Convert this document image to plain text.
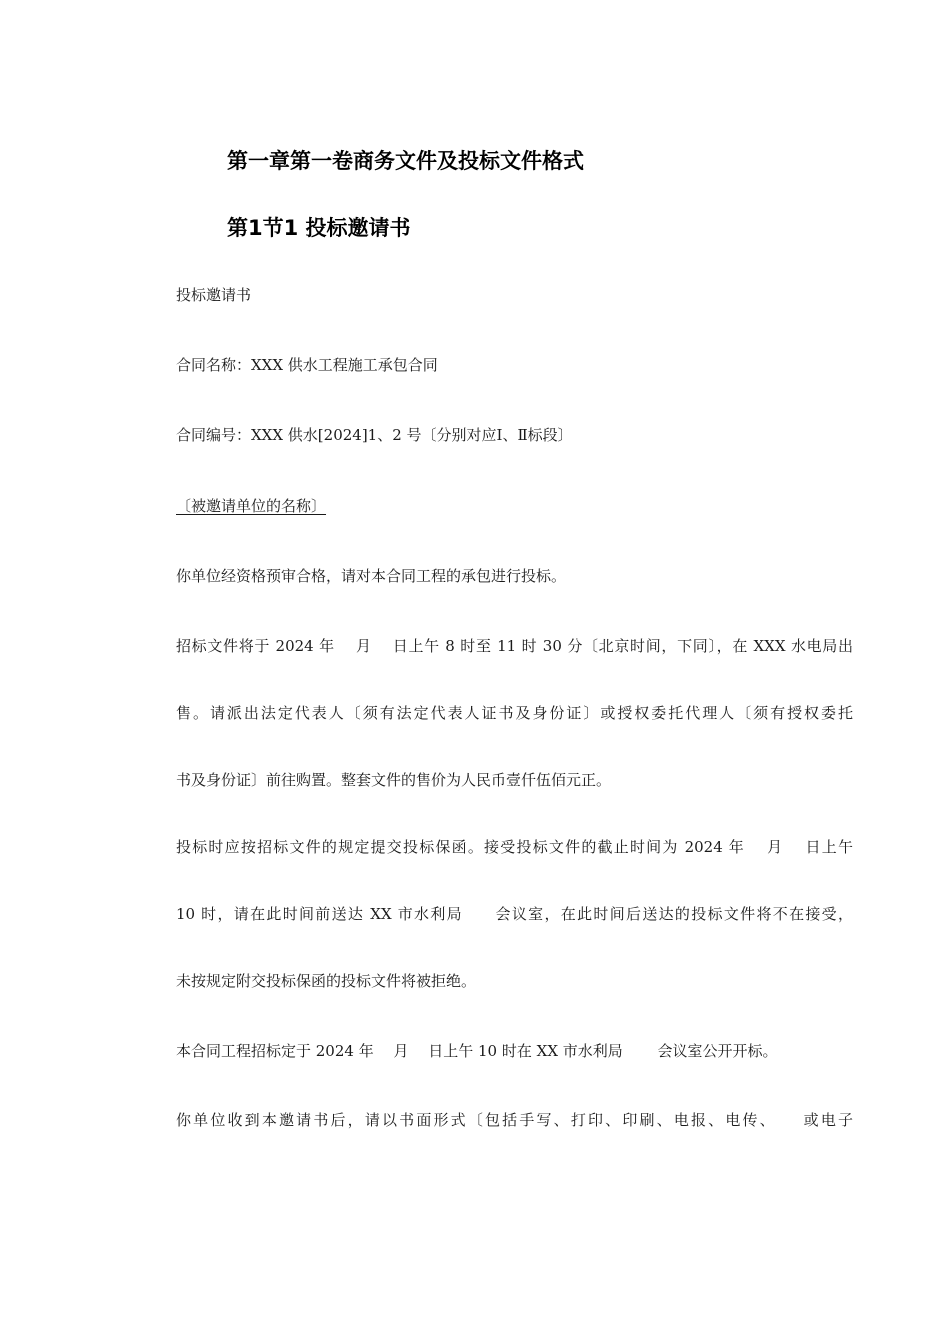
第一章第一卷商务文件及投标文件格式
第1节1 投标邀请书
投标邀请书
合同名称：XXX 供水工程施工承包合同
合同编号：XXX 供水[2024]1、2 号〔分别对应Ⅰ、Ⅱ标段〕
〔被邀请单位的名称〕
你单位经资格预审合格，请对本合同工程的承包进行投标。
招标文件将于 2024 年　 月　 日上午 8 时至 11 时 30 分〔北京时间，下同〕，在 XXX 水电局出
售。请派出法定代表人〔须有法定代表人证书及身份证〕或授权委托代理人〔须有授权委托
书及身份证〕前往购置。整套文件的售价为人民币壹仟伍佰元正。
投标时应按招标文件的规定提交投标保函。接受投标文件的截止时间为 2024 年　 月　 日上午
10 时，请在此时间前送达 XX 市水利局　　会议室，在此时间后送达的投标文件将不在接受，
未按规定附交投标保函的投标文件将被拒绝。
本合同工程招标定于 2024 年　 月　 日上午 10 时在 XX 市水利局　　 会议室公开开标。
你单位收到本邀请书后，请以书面形式〔包括手写、打印、印刷、电报、电传、　　或电子
